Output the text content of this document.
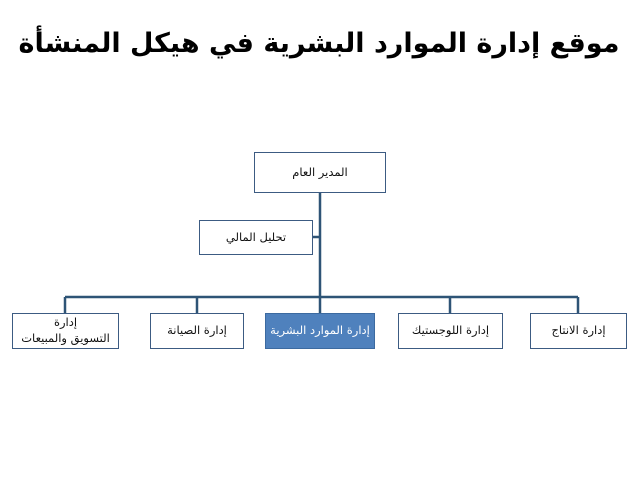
موقع إدارة الموارد البشرية في هيكل المنشأة
المدير العام
تحليل المالي
إدارة الانتاج
إدارة اللوجستيك
إدارة الموارد البشرية
إدارة الصيانة
إدارة
التسويق والمبيعات
